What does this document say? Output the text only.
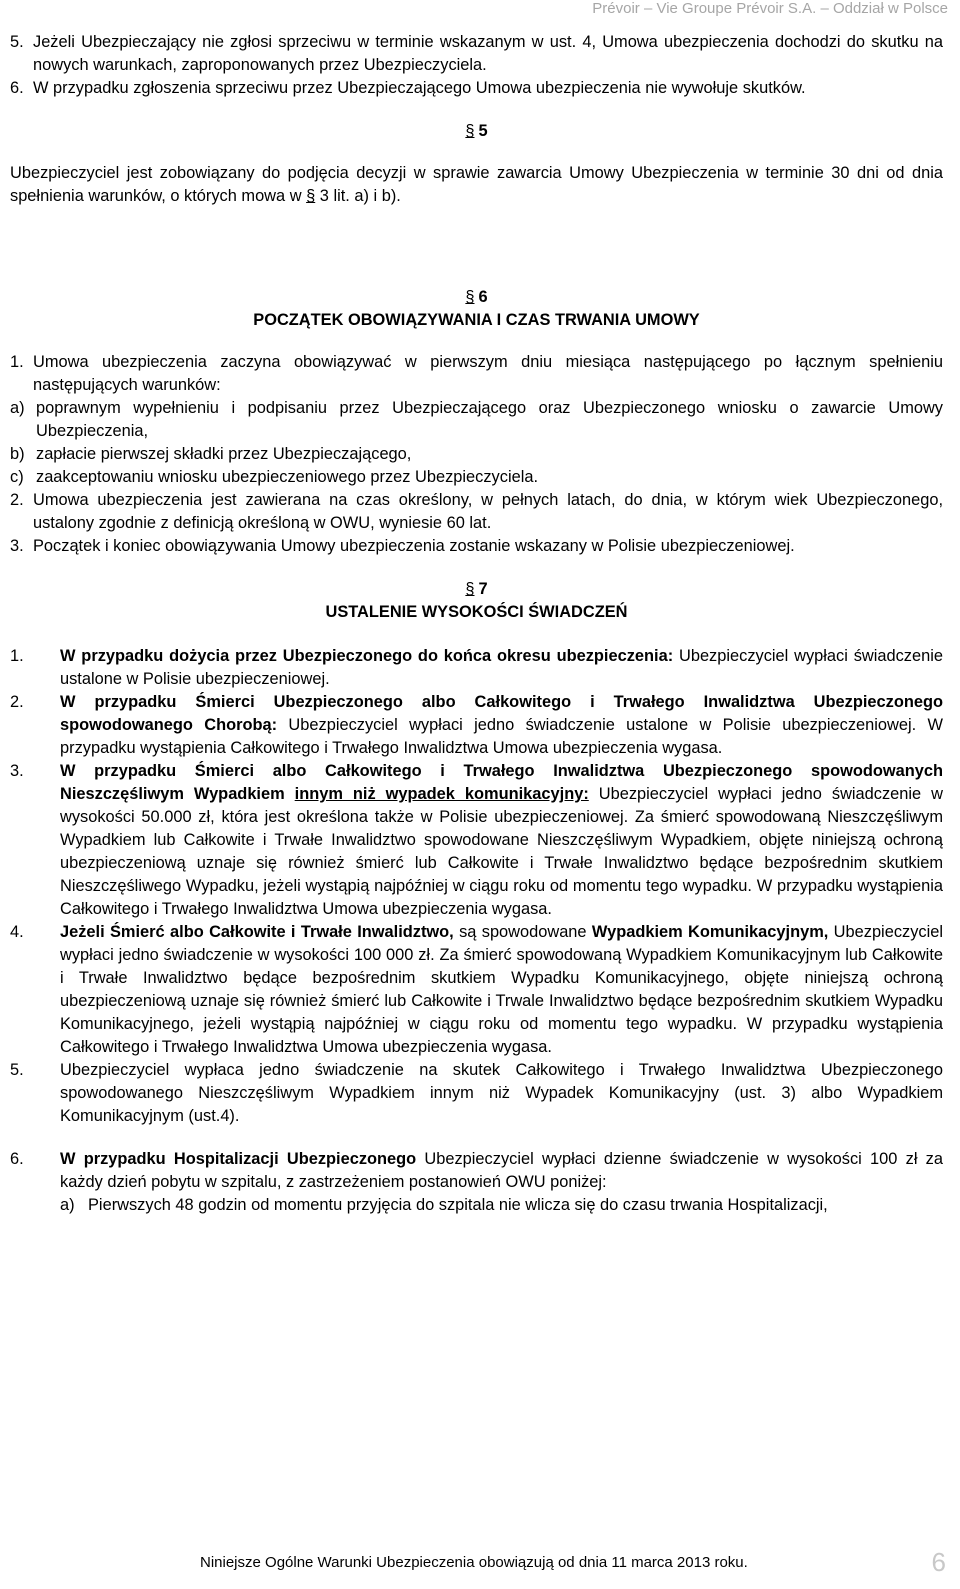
Prévoir – Vie Groupe Prévoir S.A. – Oddział w Polsce
5. Jeżeli Ubezpieczający nie zgłosi sprzeciwu w terminie wskazanym w ust. 4, Umowa ubezpieczenia dochodzi do skutku na nowych warunkach, zaproponowanych przez Ubezpieczyciela.
6. W przypadku zgłoszenia sprzeciwu przez Ubezpieczającego Umowa ubezpieczenia nie wywołuje skutków.
§ 5

Ubezpieczyciel jest zobowiązany do podjęcia decyzji w sprawie zawarcia Umowy Ubezpieczenia w terminie 30 dni od dnia spełnienia warunków, o których mowa w § 3 lit. a) i b).

§ 6
POCZĄTEK OBOWIĄZYWANIA I CZAS TRWANIA UMOWY
1. Umowa ubezpieczenia zaczyna obowiązywać w pierwszym dniu miesiąca następującego po łącznym spełnieniu następujących warunków:
a) poprawnym wypełnieniu i podpisaniu przez Ubezpieczającego oraz Ubezpieczonego wniosku o zawarcie Umowy Ubezpieczenia,
b) zapłacie pierwszej składki przez Ubezpieczającego,
c) zaakceptowaniu wniosku ubezpieczeniowego przez Ubezpieczyciela.
2. Umowa ubezpieczenia jest zawierana na czas określony, w pełnych latach, do dnia, w którym wiek Ubezpieczonego, ustalony zgodnie z definicją określoną w OWU, wyniesie 60 lat.
3. Początek i koniec obowiązywania Umowy ubezpieczenia zostanie wskazany w Polisie ubezpieczeniowej.
§ 7
USTALENIE WYSOKOŚCI ŚWIADCZEŃ
1.	W przypadku dożycia przez Ubezpieczonego do końca okresu ubezpieczenia: Ubezpieczyciel wypłaci świadczenie ustalone w Polisie ubezpieczeniowej.
2.	W przypadku Śmierci Ubezpieczonego albo Całkowitego i Trwałego Inwalidztwa Ubezpieczonego spowodowanego Chorobą: Ubezpieczyciel wypłaci jedno świadczenie ustalone w Polisie ubezpieczeniowej. W przypadku wystąpienia Całkowitego i Trwałego Inwalidztwa Umowa ubezpieczenia wygasa.
3.	W przypadku Śmierci albo Całkowitego i Trwałego Inwalidztwa Ubezpieczonego spowodowanych Nieszczęśliwym Wypadkiem innym niż wypadek komunikacyjny: Ubezpieczyciel wypłaci jedno świadczenie w wysokości 50.000 zł, która jest określona także w Polisie ubezpieczeniowej. Za śmierć spowodowaną Nieszczęśliwym Wypadkiem lub Całkowite i Trwałe Inwalidztwo spowodowane Nieszczęśliwym Wypadkiem, objęte niniejszą ochroną ubezpieczeniową uznaje się również śmierć lub Całkowite i Trwałe Inwalidztwo będące bezpośrednim skutkiem Nieszczęśliwego Wypadku, jeżeli wystąpią najpóźniej w ciągu roku od momentu tego wypadku. W przypadku wystąpienia Całkowitego i Trwałego Inwalidztwa Umowa ubezpieczenia wygasa.
4.	Jeżeli Śmierć albo Całkowite i Trwałe Inwalidztwo, są spowodowane Wypadkiem Komunikacyjnym, Ubezpieczyciel wypłaci jedno świadczenie w wysokości 100 000 zł. Za śmierć spowodowaną Wypadkiem Komunikacyjnym lub Całkowite i Trwałe Inwalidztwo będące bezpośrednim skutkiem Wypadku Komunikacyjnego, objęte niniejszą ochroną ubezpieczeniową uznaje się również śmierć lub Całkowite i Trwale Inwalidztwo będące bezpośrednim skutkiem Wypadku Komunikacyjnego, jeżeli wystąpią najpóźniej w ciągu roku od momentu tego wypadku. W przypadku wystąpienia Całkowitego i Trwałego Inwalidztwa Umowa ubezpieczenia wygasa.
5.	Ubezpieczyciel wypłaca jedno świadczenie na skutek Całkowitego i Trwałego Inwalidztwa Ubezpieczonego spowodowanego Nieszczęśliwym Wypadkiem innym niż Wypadek Komunikacyjny (ust. 3) albo Wypadkiem Komunikacyjnym (ust.4).
6.	W przypadku Hospitalizacji Ubezpieczonego Ubezpieczyciel wypłaci dzienne świadczenie w wysokości 100 zł za każdy dzień pobytu w szpitalu, z zastrzeżeniem postanowień OWU poniżej:
a) Pierwszych 48 godzin od momentu przyjęcia do szpitala nie wlicza się do czasu trwania Hospitalizacji,
Niniejsze Ogólne Warunki Ubezpieczenia obowiązują od dnia 11 marca 2013 roku.	6
